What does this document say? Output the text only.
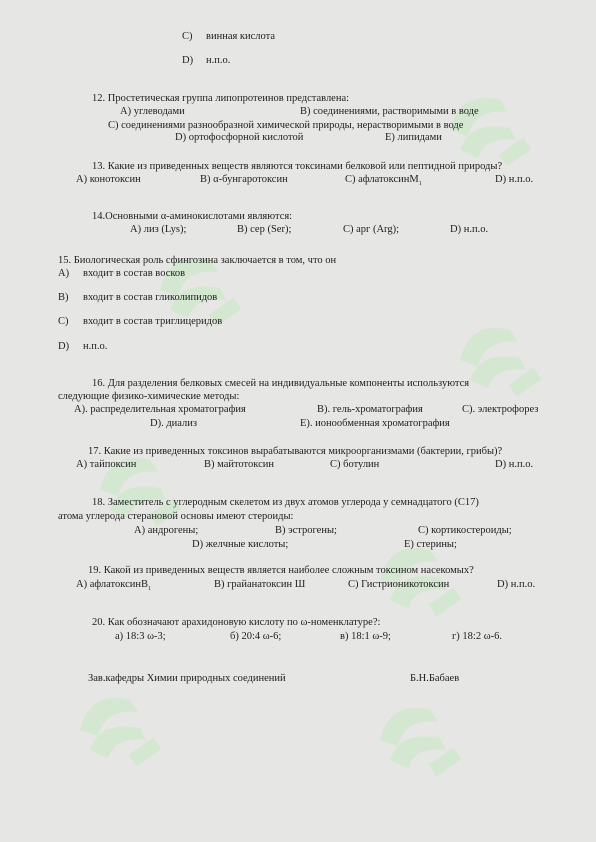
C) винная кислота
D) н.п.о.
12. Простетическая группа липопротеинов представлена:
А) углеводами	В) соединениями, растворимыми в воде
С) соединениями разнообразной химической природы, нерастворимыми в воде
D) ортофосфорной кислотой	E) липидами
13. Какие из приведенных веществ являются токсинами белковой или пептидной природы?
А) конотоксин	В) α-бунгаротоксин	С) афлатоксинМ$_1$	D) н.п.о.
14.Основными α-аминокислотами являются:
А) лиз (Lys);	В) сер (Ser);	С) арг (Arg);	D) н.п.о.
15. Биологическая роль сфингозина заключается в том, что он
А) входит в состав восков
В) входит в состав гликолипидов
С) входит в состав триглицеридов
D) н.п.о.
16. Для разделения белковых смесей на индивидуальные компоненты используются
следующие физико-химические методы:
А). распределительная хроматография	В). гель-хроматография	С). электрофорез
D). диализ	E). ионообменная хроматография
17. Какие из приведенных токсинов вырабатываются микроорганизмами (бактерии, грибы)?
А) тайпоксин	В) майтотоксин	С) ботулин	D) н.п.о.
18. Заместитель с углеродным скелетом из двух атомов углерода у семнадцатого (С17)
атома углерода стерановой основы имеют стероиды:
А) андрогены;	В) эстрогены;	С) кортикостероиды;
D) желчные кислоты;	E) стерины;
19. Какой из приведенных веществ является наиболее сложным токсином насекомых?
А) афлатоксинВ$_1$	В) грайанатоксин Ш	С) Гистрионикотоксин	D) н.п.о.
20. Как обозначают арахидоновую кислоту по ω-номенклатуре?:
а) 18:3 ω-3;	б) 20:4 ω-6;	в) 18:1 ω-9;	г) 18:2 ω-6.
Зав.кафедры Химии природных соединений	Б.Н.Бабаев
